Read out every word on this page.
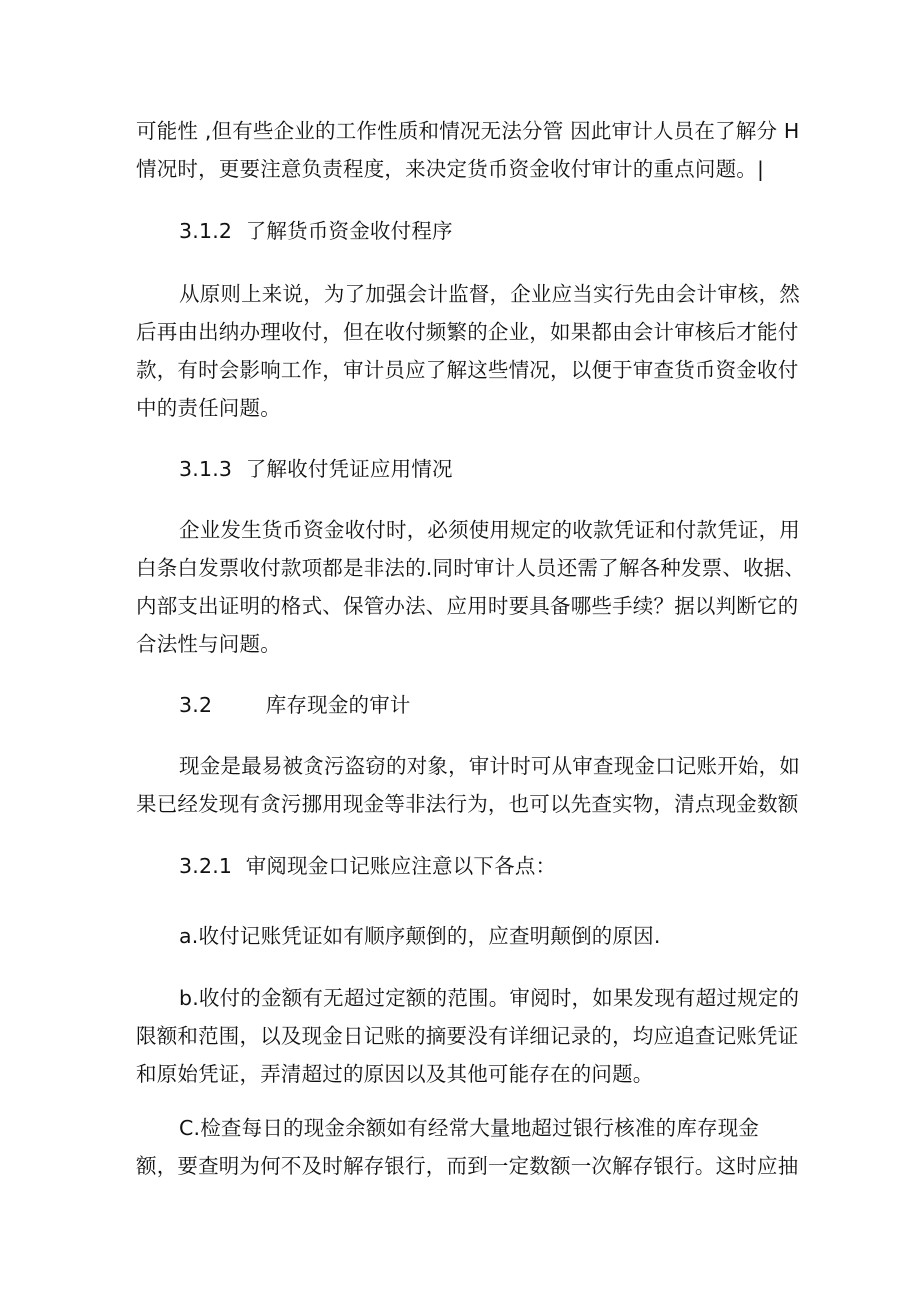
可能性 ,但有些企业的工作性质和情况无法分管 因此审计人员在了解分 H
情况时，更要注意负责程度，来决定货币资金收付审计的重点问题。|
3.1.2 了解货币资金收付程序
从原则上来说，为了加强会计监督，企业应当实行先由会计审核，然
后再由出纳办理收付，但在收付频繁的企业，如果都由会计审核后才能付
款，有时会影响工作，审计员应了解这些情况，以便于审查货币资金收付
中的责任问题。
3.1.3 了解收付凭证应用情况
企业发生货币资金收付时，必须使用规定的收款凭证和付款凭证，用
白条白发票收付款项都是非法的.同时审计人员还需了解各种发票、收据、
内部支出证明的格式、保管办法、应用时要具备哪些手续？据以判断它的
合法性与问题。
3.2	库存现金的审计
现金是最易被贪污盗窃的对象，审计时可从审查现金口记账开始，如
果已经发现有贪污挪用现金等非法行为，也可以先查实物，清点现金数额
3.2.1 审阅现金口记账应注意以下各点：
a.收付记账凭证如有顺序颠倒的，应查明颠倒的原因.
b.收付的金额有无超过定额的范围。审阅时，如果发现有超过规定的
限额和范围，以及现金日记账的摘要没有详细记录的，均应追查记账凭证
和原始凭证，弄清超过的原因以及其他可能存在的问题。
C.检查每日的现金余额如有经常大量地超过银行核准的库存现金
额，要查明为何不及时解存银行，而到一定数额一次解存银行。这时应抽
